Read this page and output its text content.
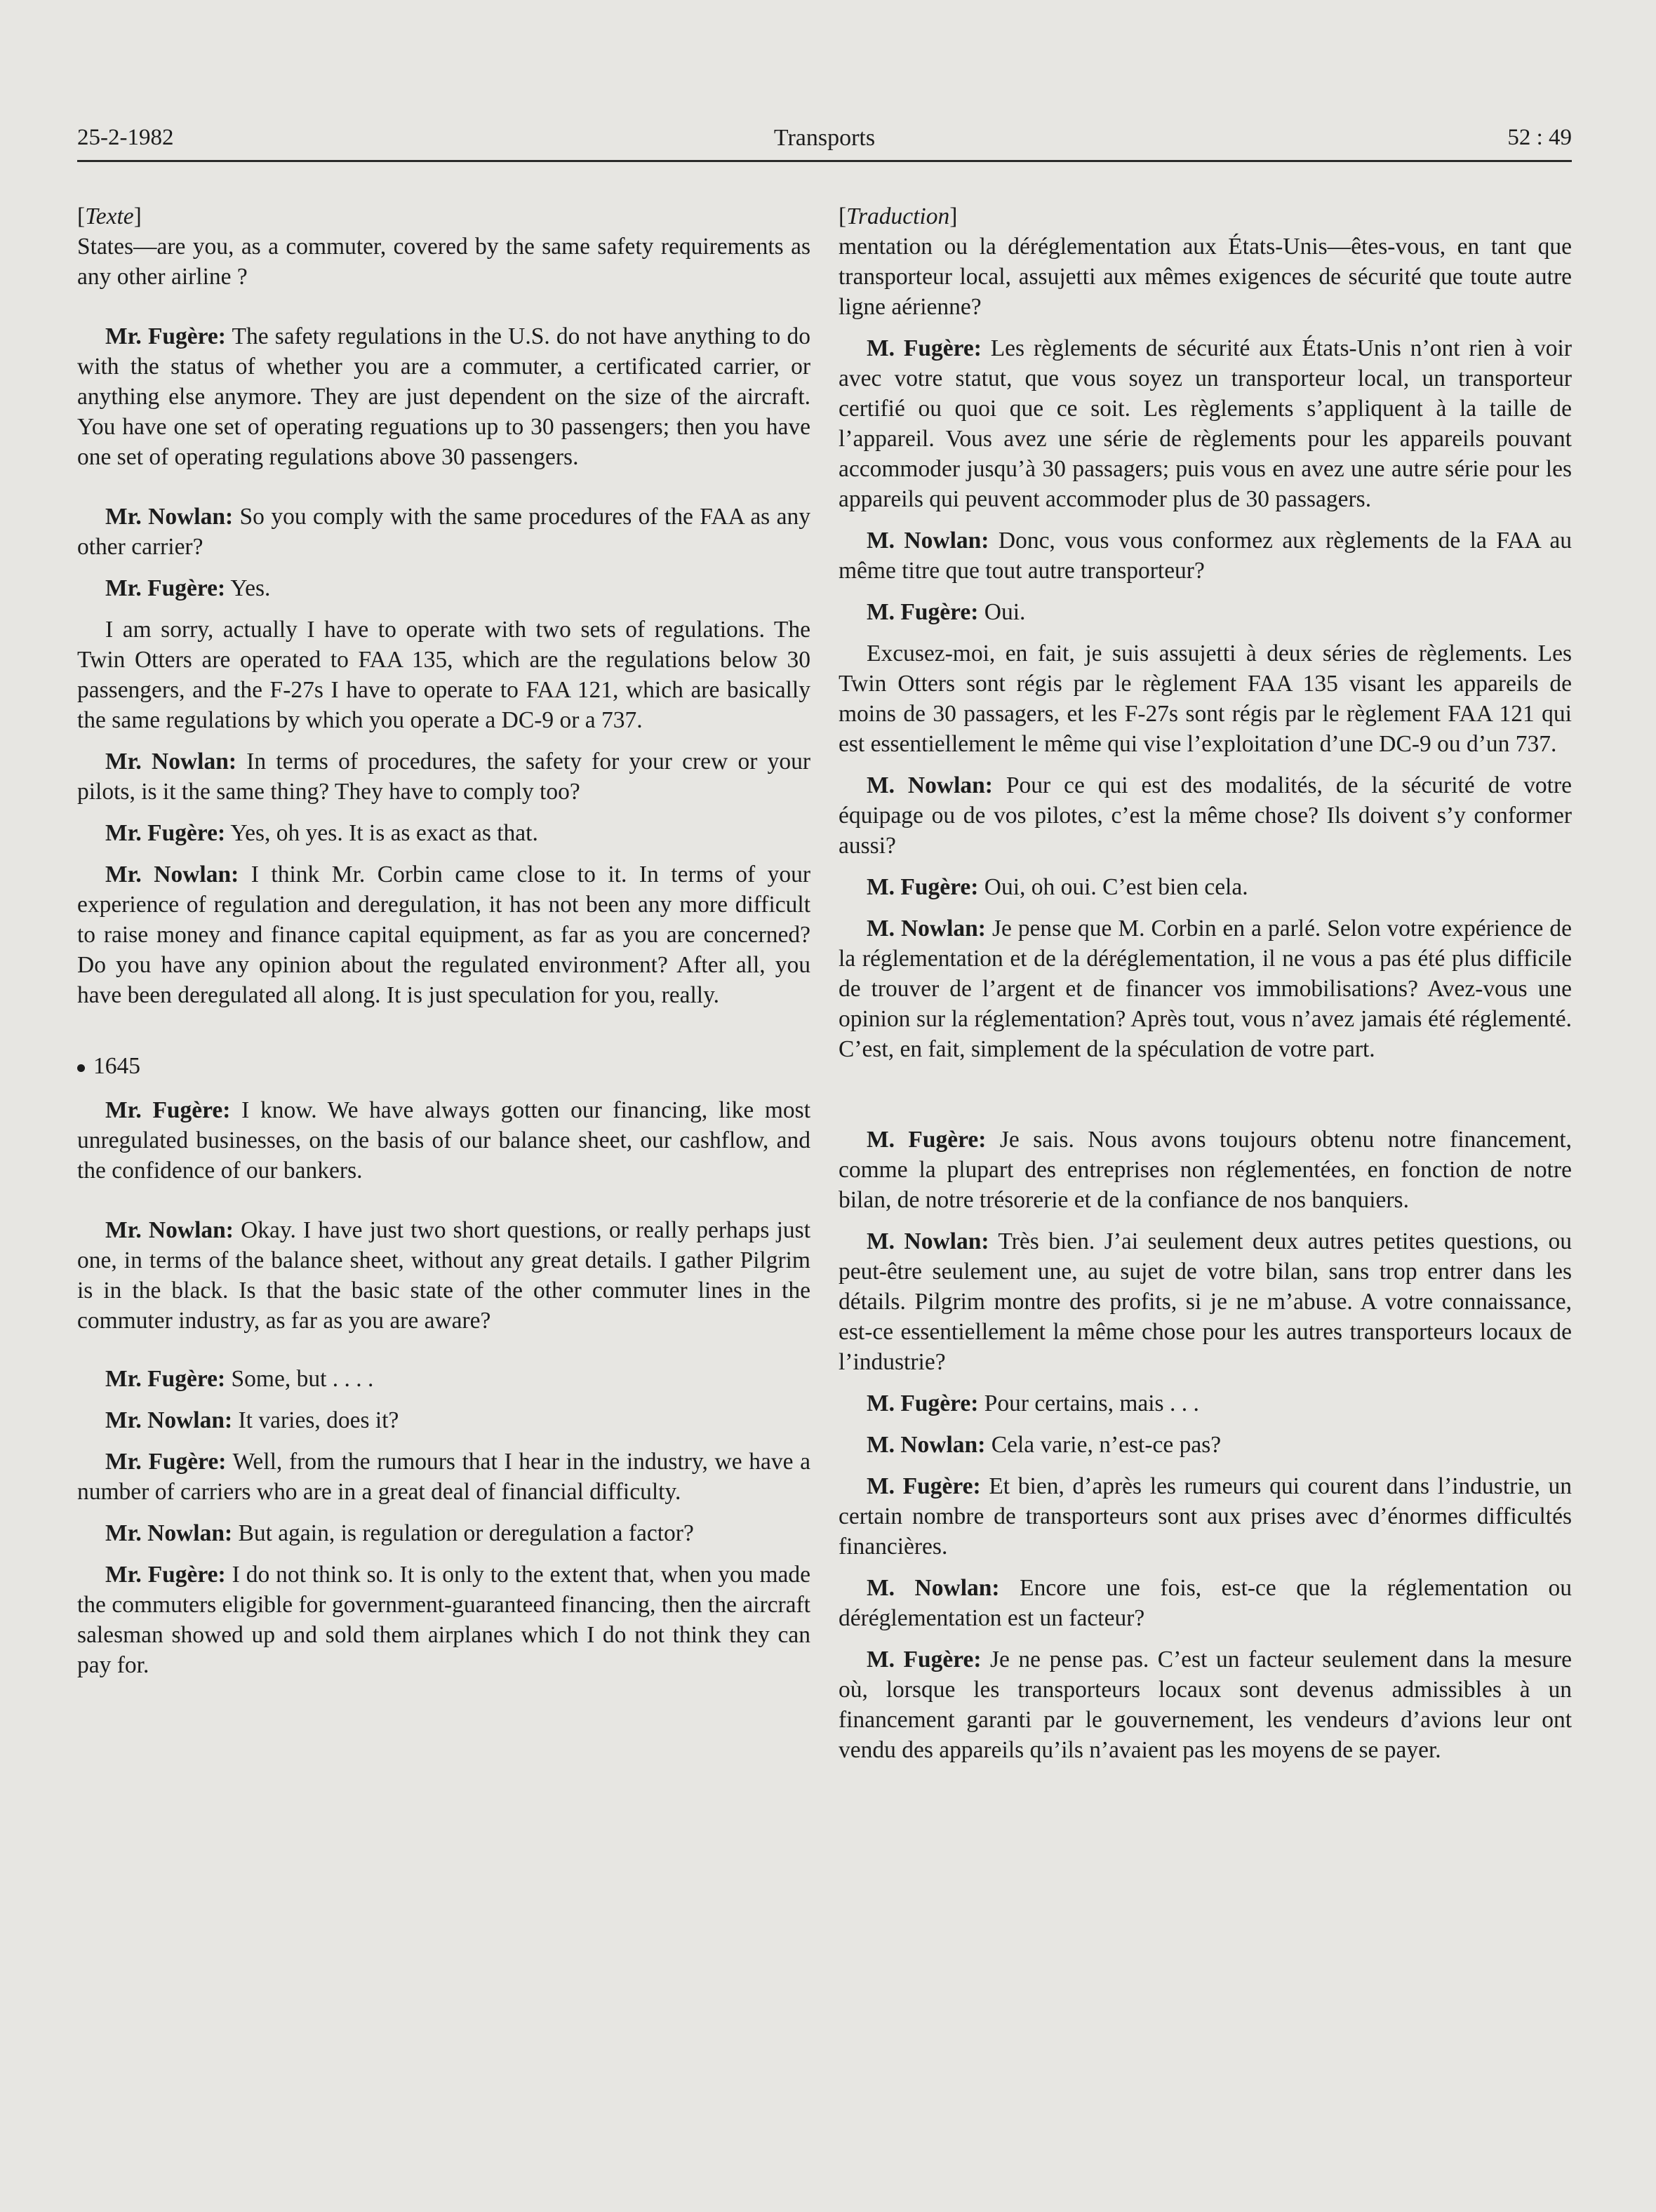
25-2-1982	Transports	52 : 49

[Texte]

States—are you, as a commuter, covered by the same safety requirements as any other airline ?

Mr. Fugère: The safety regulations in the U.S. do not have anything to do with the status of whether you are a commuter, a certificated carrier, or anything else anymore. They are just dependent on the size of the aircraft. You have one set of operating reguations up to 30 passengers; then you have one set of operating regulations above 30 passengers.

Mr. Nowlan: So you comply with the same procedures of the FAA as any other carrier?

Mr. Fugère: Yes.

I am sorry, actually I have to operate with two sets of regulations. The Twin Otters are operated to FAA 135, which are the regulations below 30 passengers, and the F-27s I have to operate to FAA 121, which are basically the same regulations by which you operate a DC-9 or a 737.

Mr. Nowlan: In terms of procedures, the safety for your crew or your pilots, is it the same thing? They have to comply too?

Mr. Fugère: Yes, oh yes. It is as exact as that.

Mr. Nowlan: I think Mr. Corbin came close to it. In terms of your experience of regulation and deregulation, it has not been any more difficult to raise money and finance capital equipment, as far as you are concerned? Do you have any opinion about the regulated environment? After all, you have been deregulated all along. It is just speculation for you, really.

1645

Mr. Fugère: I know. We have always gotten our financing, like most unregulated businesses, on the basis of our balance sheet, our cashflow, and the confidence of our bankers.

Mr. Nowlan: Okay. I have just two short questions, or really perhaps just one, in terms of the balance sheet, without any great details. I gather Pilgrim is in the black. Is that the basic state of the other commuter lines in the commuter industry, as far as you are aware?

Mr. Fugère: Some, but . . . .

Mr. Nowlan: It varies, does it?

Mr. Fugère: Well, from the rumours that I hear in the industry, we have a number of carriers who are in a great deal of financial difficulty.

Mr. Nowlan: But again, is regulation or deregulation a factor?

Mr. Fugère: I do not think so. It is only to the extent that, when you made the commuters eligible for government-guaranteed financing, then the aircraft salesman showed up and sold them airplanes which I do not think they can pay for.

[Traduction]

mentation ou la déréglementation aux États-Unis—êtes-vous, en tant que transporteur local, assujetti aux mêmes exigences de sécurité que toute autre ligne aérienne?

M. Fugère: Les règlements de sécurité aux États-Unis n’ont rien à voir avec votre statut, que vous soyez un transporteur local, un transporteur certifié ou quoi que ce soit. Les règlements s’appliquent à la taille de l’appareil. Vous avez une série de règlements pour les appareils pouvant accommoder jusqu’à 30 passagers; puis vous en avez une autre série pour les appareils qui peuvent accommoder plus de 30 passagers.

M. Nowlan: Donc, vous vous conformez aux règlements de la FAA au même titre que tout autre transporteur?

M. Fugère: Oui.

Excusez-moi, en fait, je suis assujetti à deux séries de règlements. Les Twin Otters sont régis par le règlement FAA 135 visant les appareils de moins de 30 passagers, et les F-27s sont régis par le règlement FAA 121 qui est essentiellement le même qui vise l’exploitation d’une DC-9 ou d’un 737.

M. Nowlan: Pour ce qui est des modalités, de la sécurité de votre équipage ou de vos pilotes, c’est la même chose? Ils doivent s’y conformer aussi?

M. Fugère: Oui, oh oui. C’est bien cela.

M. Nowlan: Je pense que M. Corbin en a parlé. Selon votre expérience de la réglementation et de la déréglementation, il ne vous a pas été plus difficile de trouver de l’argent et de financer vos immobilisations? Avez-vous une opinion sur la réglementation? Après tout, vous n’avez jamais été réglementé. C’est, en fait, simplement de la spéculation de votre part.

M. Fugère: Je sais. Nous avons toujours obtenu notre financement, comme la plupart des entreprises non réglementées, en fonction de notre bilan, de notre trésorerie et de la confiance de nos banquiers.

M. Nowlan: Très bien. J’ai seulement deux autres petites questions, ou peut-être seulement une, au sujet de votre bilan, sans trop entrer dans les détails. Pilgrim montre des profits, si je ne m’abuse. A votre connaissance, est-ce essentiellement la même chose pour les autres transporteurs locaux de l’industrie?

M. Fugère: Pour certains, mais . . .

M. Nowlan: Cela varie, n’est-ce pas?

M. Fugère: Et bien, d’après les rumeurs qui courent dans l’industrie, un certain nombre de transporteurs sont aux prises avec d’énormes difficultés financières.

M. Nowlan: Encore une fois, est-ce que la réglementation ou déréglementation est un facteur?

M. Fugère: Je ne pense pas. C’est un facteur seulement dans la mesure où, lorsque les transporteurs locaux sont devenus admissibles à un financement garanti par le gouvernement, les vendeurs d’avions leur ont vendu des appareils qu’ils n’avaient pas les moyens de se payer.
